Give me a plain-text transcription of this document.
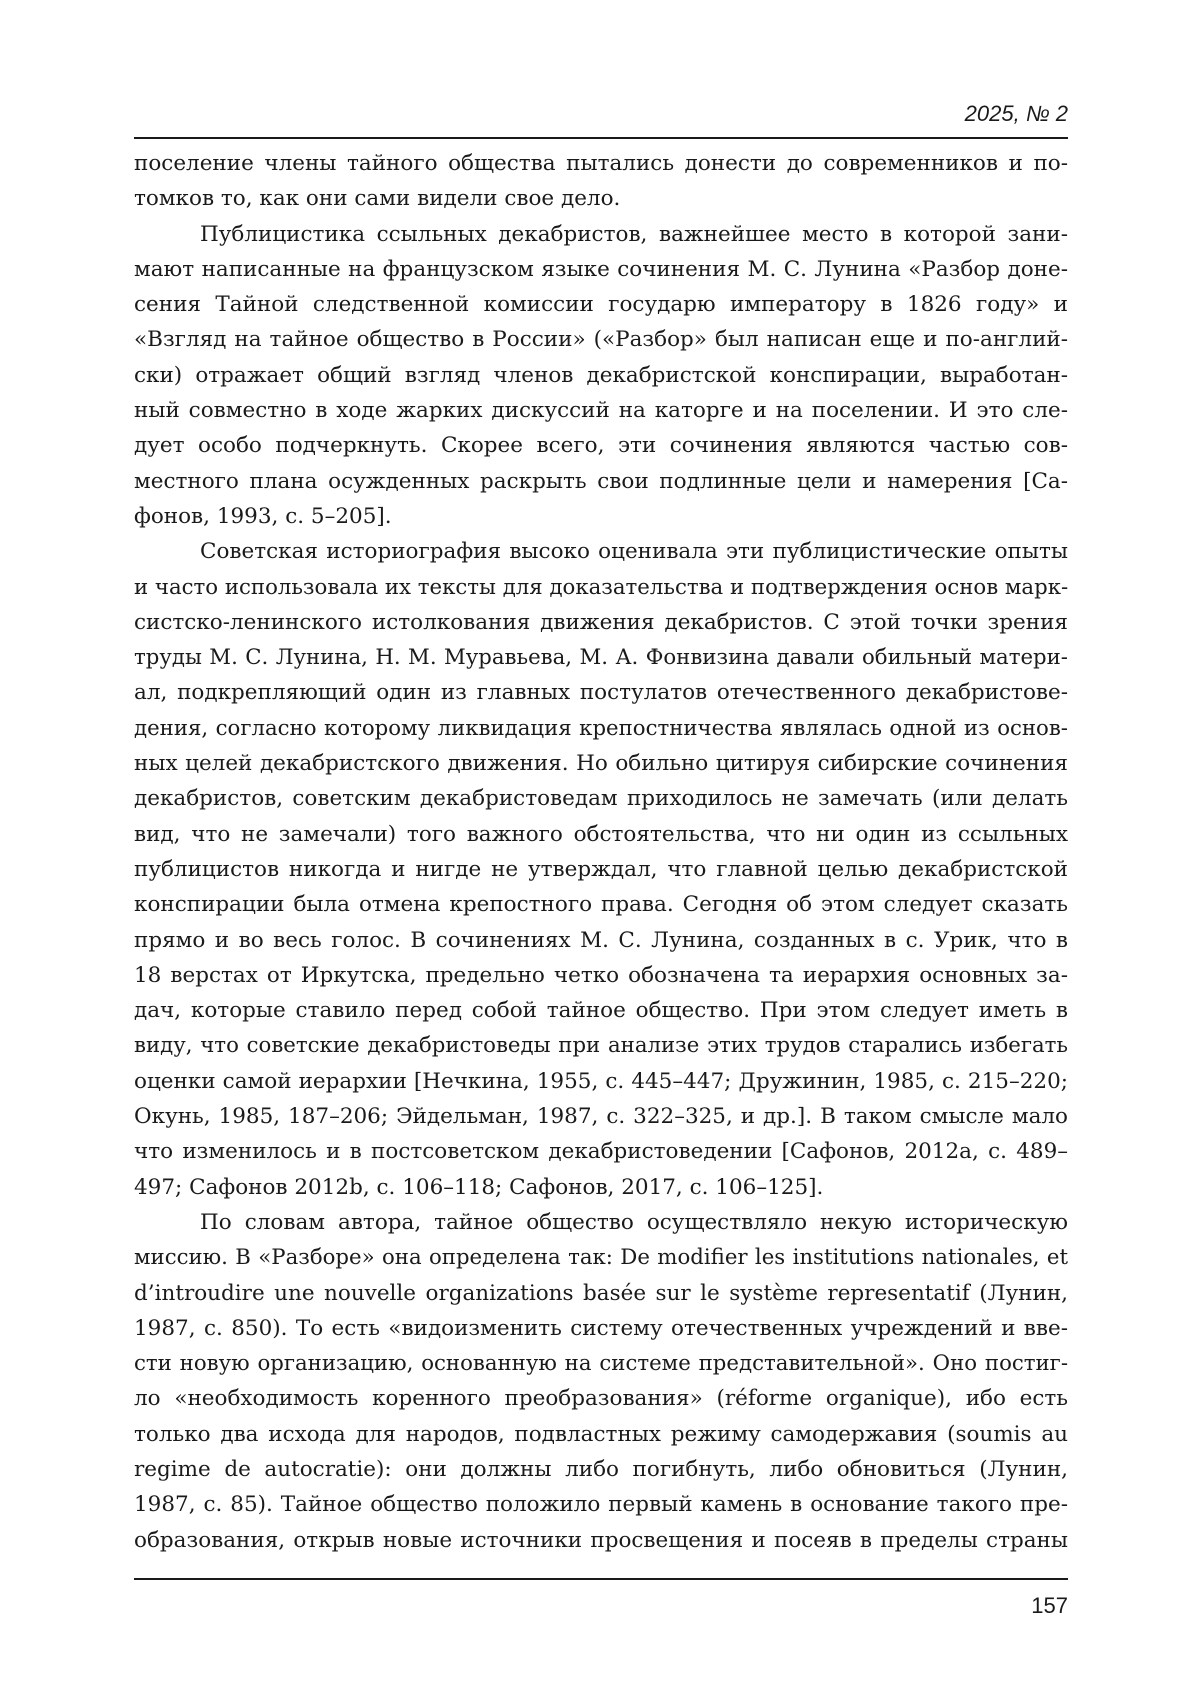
2025, № 2
поселение члены тайного общества пытались донести до современников и по-
томков то, как они сами видели свое дело.
Публицистика ссыльных декабристов, важнейшее место в которой зани-
мают написанные на французском языке сочинения М. С. Лунина «Разбор доне-
сения Тайной следственной комиссии государю императору в 1826 году» и
«Взгляд на тайное общество в России» («Разбор» был написан еще и по-англий-
ски) отражает общий взгляд членов декабристской конспирации, выработан-
ный совместно в ходе жарких дискуссий на каторге и на поселении. И это сле-
дует особо подчеркнуть. Скорее всего, эти сочинения являются частью сов-
местного плана осужденных раскрыть свои подлинные цели и намерения [Са-
фонов, 1993, с. 5–205].
Советская историография высоко оценивала эти публицистические опыты
и часто использовала их тексты для доказательства и подтверждения основ марк-
систско-ленинского истолкования движения декабристов. С этой точки зрения
труды М. С. Лунина, Н. М. Муравьева, М. А. Фонвизина давали обильный матери-
ал, подкрепляющий один из главных постулатов отечественного декабристове-
дения, согласно которому ликвидация крепостничества являлась одной из основ-
ных целей декабристского движения. Но обильно цитируя сибирские сочинения
декабристов, советским декабристоведам приходилось не замечать (или делать
вид, что не замечали) того важного обстоятельства, что ни один из ссыльных
публицистов никогда и нигде не утверждал, что главной целью декабристской
конспирации была отмена крепостного права. Сегодня об этом следует сказать
прямо и во весь голос. В сочинениях М. С. Лунина, созданных в с. Урик, что в
18 верстах от Иркутска, предельно четко обозначена та иерархия основных за-
дач, которые ставило перед собой тайное общество. При этом следует иметь в
виду, что советские декабристоведы при анализе этих трудов старались избегать
оценки самой иерархии [Нечкина, 1955, с. 445–447; Дружинин, 1985, с. 215–220;
Окунь, 1985, 187–206; Эйдельман, 1987, с. 322–325, и др.]. В таком смысле мало
что изменилось и в постсоветском декабристоведении [Сафонов, 2012a, с. 489–
497; Сафонов 2012b, с. 106–118; Сафонов, 2017, с. 106–125].
По словам автора, тайное общество осуществляло некую историческую
миссию. В «Разборе» она определена так: De modifier les institutions nationales, et
d’introudire une nouvelle organizations basée sur le système representatif (Лунин,
1987, с. 850). То есть «видоизменить систему отечественных учреждений и вве-
сти новую организацию, основанную на системе представительной». Оно постиг-
ло «необходимость коренного преобразования» (réforme organique), ибо есть
только два исхода для народов, подвластных режиму самодержавия (soumis au
regime de autocratie): они должны либо погибнуть, либо обновиться (Лунин,
1987, с. 85). Тайное общество положило первый камень в основание такого пре-
образования, открыв новые источники просвещения и посеяв в пределы страны
157
